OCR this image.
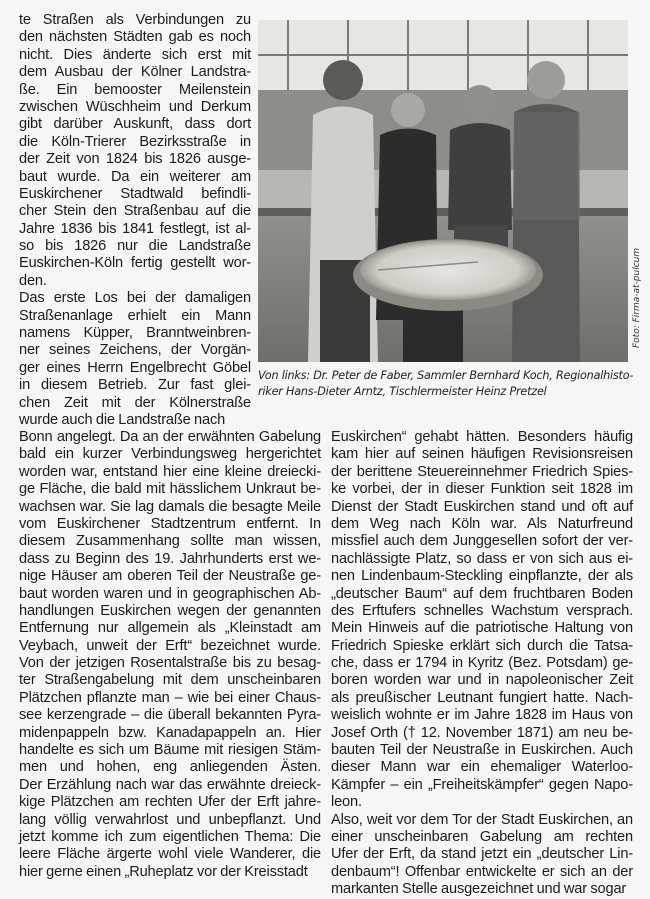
te Straßen als Verbindungen zu
den nächsten Städten gab es noch
nicht. Dies änderte sich erst mit
dem Ausbau der Kölner Landstra-
ße. Ein bemooster Meilenstein
zwischen Wüschheim und Derkum
gibt darüber Auskunft, dass dort
die Köln-Trierer Bezirksstraße in
der Zeit von 1824 bis 1826 ausge-
baut wurde. Da ein weiterer am
Euskirchener Stadtwald befindli-
cher Stein den Straßenbau auf die
Jahre 1836 bis 1841 festlegt, ist al-
so bis 1826 nur die Landstraße
Euskirchen-Köln fertig gestellt wor-
den.
Das erste Los bei der damaligen
Straßenanlage erhielt ein Mann
namens Küpper, Branntweinbren-
ner seines Zeichens, der Vorgän-
ger eines Herrn Engelbrecht Göbel
in diesem Betrieb. Zur fast glei-
chen Zeit mit der Kölnerstraße
wurde auch die Landstraße nach
Foto: Firma-at-pulcum
Von links: Dr. Peter de Faber, Sammler Bernhard Koch, Regionalhisto-
riker Hans-Dieter Arntz, Tischlermeister Heinz Pretzel
Bonn angelegt. Da an der erwähnten Gabelung
bald ein kurzer Verbindungsweg hergerichtet
worden war, entstand hier eine kleine dreiecki-
ge Fläche, die bald mit hässlichem Unkraut be-
wachsen war. Sie lag damals die besagte Meile
vom Euskirchener Stadtzentrum entfernt. In
diesem Zusammenhang sollte man wissen,
dass zu Beginn des 19. Jahrhunderts erst we-
nige Häuser am oberen Teil der Neustraße ge-
baut worden waren und in geographischen Ab-
handlungen Euskirchen wegen der genannten
Entfernung nur allgemein als „Kleinstadt am
Veybach, unweit der Erft“ bezeichnet wurde.
Von der jetzigen Rosentalstraße bis zu besag-
ter Straßengabelung mit dem unscheinbaren
Plätzchen pflanzte man – wie bei einer Chaus-
see kerzengrade – die überall bekannten Pyra-
midenpappeln bzw. Kanadapappeln an. Hier
handelte es sich um Bäume mit riesigen Stäm-
men und hohen, eng anliegenden Ästen.
Der Erzählung nach war das erwähnte dreieck-
kige Plätzchen am rechten Ufer der Erft jahre-
lang völlig verwahrlost und unbepflanzt. Und
jetzt komme ich zum eigentlichen Thema: Die
leere Fläche ärgerte wohl viele Wanderer, die
hier gerne einen „Ruheplatz vor der Kreisstadt
Euskirchen“ gehabt hätten. Besonders häufig
kam hier auf seinen häufigen Revisionsreisen
der berittene Steuereinnehmer Friedrich Spies-
ke vorbei, der in dieser Funktion seit 1828 im
Dienst der Stadt Euskirchen stand und oft auf
dem Weg nach Köln war. Als Naturfreund
missfiel auch dem Junggesellen sofort der ver-
nachlässigte Platz, so dass er von sich aus ei-
nen Lindenbaum-Steckling einpflanzte, der als
„deutscher Baum“ auf dem fruchtbaren Boden
des Erftufers schnelles Wachstum versprach.
Mein Hinweis auf die patriotische Haltung von
Friedrich Spieske erklärt sich durch die Tatsa-
che, dass er 1794 in Kyritz (Bez. Potsdam) ge-
boren worden war und in napoleonischer Zeit
als preußischer Leutnant fungiert hatte. Nach-
weislich wohnte er im Jahre 1828 im Haus von
Josef Orth († 12. November 1871) am neu be-
bauten Teil der Neustraße in Euskirchen. Auch
dieser Mann war ein ehemaliger Waterloo-
Kämpfer – ein „Freiheitskämpfer“ gegen Napo-
leon.
Also, weit vor dem Tor der Stadt Euskirchen, an
einer unscheinbaren Gabelung am rechten
Ufer der Erft, da stand jetzt ein „deutscher Lin-
denbaum“! Offenbar entwickelte er sich an der
markanten Stelle ausgezeichnet und war sogar
